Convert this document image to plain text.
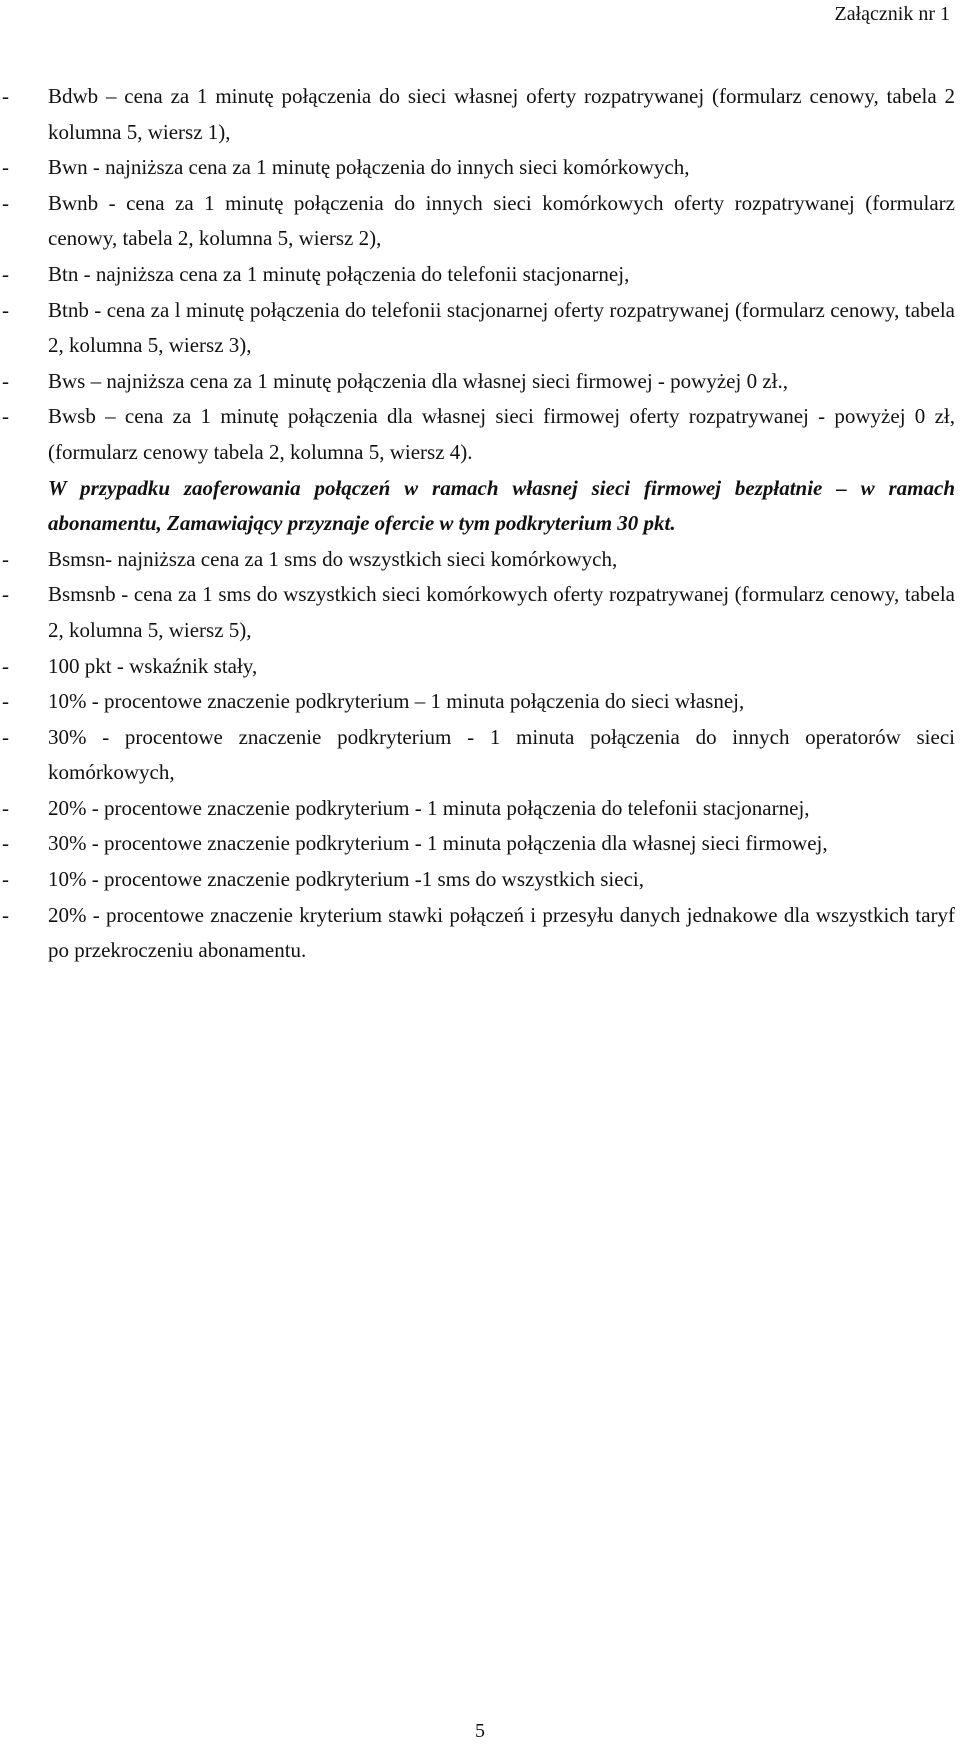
Załącznik nr 1
- Bdwb – cena za 1 minutę połączenia do sieci własnej oferty rozpatrywanej (formularz cenowy, tabela 2 kolumna 5, wiersz 1),
- Bwn - najniższa cena za 1 minutę połączenia do innych sieci komórkowych,
- Bwnb - cena za 1 minutę połączenia do innych sieci komórkowych oferty rozpatrywanej (formularz cenowy, tabela 2, kolumna 5, wiersz 2),
- Btn - najniższa cena za 1 minutę połączenia do telefonii stacjonarnej,
- Btnb - cena za l minutę połączenia do telefonii stacjonarnej oferty rozpatrywanej (formularz cenowy, tabela 2, kolumna 5, wiersz 3),
- Bws – najniższa cena za 1 minutę połączenia dla własnej sieci firmowej - powyżej 0 zł.,
- Bwsb – cena za 1 minutę połączenia dla własnej sieci firmowej oferty rozpatrywanej - powyżej 0 zł, (formularz cenowy tabela 2, kolumna 5, wiersz 4).
W przypadku zaoferowania połączeń w ramach własnej sieci firmowej bezpłatnie – w ramach abonamentu, Zamawiający przyznaje ofercie w tym podkryterium 30 pkt.
- Bsmsn- najniższa cena za 1 sms do wszystkich sieci komórkowych,
- Bsmsnb - cena za 1 sms do wszystkich sieci komórkowych oferty rozpatrywanej (formularz cenowy, tabela 2, kolumna 5, wiersz 5),
- 100 pkt - wskaźnik stały,
- 10% - procentowe znaczenie podkryterium – 1 minuta połączenia do sieci własnej,
- 30% - procentowe znaczenie podkryterium - 1 minuta połączenia do innych operatorów sieci komórkowych,
- 20% - procentowe znaczenie podkryterium - 1 minuta połączenia do telefonii stacjonarnej,
- 30% - procentowe znaczenie podkryterium - 1 minuta połączenia dla własnej sieci firmowej,
- 10% - procentowe znaczenie podkryterium -1 sms do wszystkich sieci,
- 20% - procentowe znaczenie kryterium stawki połączeń i przesyłu danych jednakowe dla wszystkich taryf po przekroczeniu abonamentu.
5
